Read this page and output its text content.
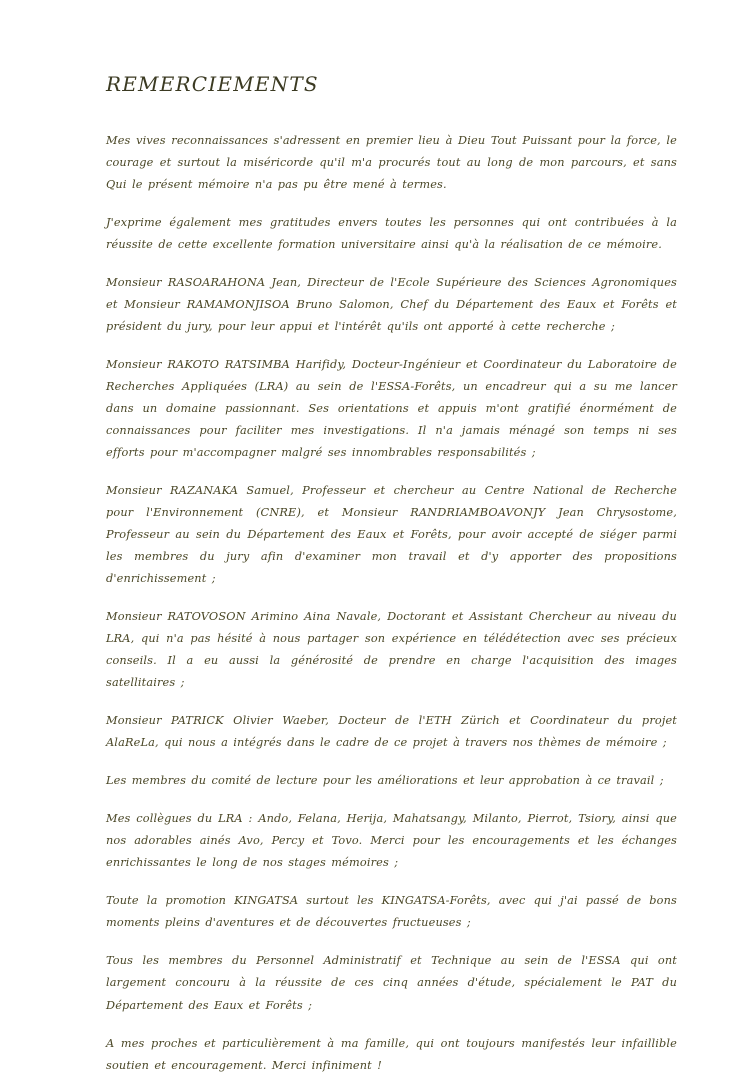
REMERCIEMENTS

Mes vives reconnaissances s'adressent en premier lieu à Dieu Tout Puissant pour la force, le courage et surtout la miséricorde qu'il m'a procurés tout au long de mon parcours, et sans Qui le présent mémoire n'a pas pu être mené à termes.

J'exprime également mes gratitudes envers toutes les personnes qui ont contribuées à la réussite de cette excellente formation universitaire ainsi qu'à la réalisation de ce mémoire.

Monsieur RASOARAHONA Jean, Directeur de l'Ecole Supérieure des Sciences Agronomiques et Monsieur RAMAMONJISOA Bruno Salomon, Chef du Département des Eaux et Forêts et président du jury, pour leur appui et l'intérêt qu'ils ont apporté à cette recherche ;

Monsieur RAKOTO RATSIMBA Harifidy, Docteur-Ingénieur et Coordinateur du Laboratoire de Recherches Appliquées (LRA) au sein de l'ESSA-Forêts, un encadreur qui a su me lancer dans un domaine passionnant. Ses orientations et appuis m'ont gratifié énormément de connaissances pour faciliter mes investigations. Il n'a jamais ménagé son temps ni ses efforts pour m'accompagner malgré ses innombrables responsabilités ;

Monsieur RAZANAKA Samuel, Professeur et chercheur au Centre National de Recherche pour l'Environnement (CNRE), et Monsieur RANDRIAMBOAVONJY Jean Chrysostome, Professeur au sein du Département des Eaux et Forêts, pour avoir accepté de siéger parmi les membres du jury afin d'examiner mon travail et d'y apporter des propositions d'enrichissement ;

Monsieur RATOVOSON Arimino Aina Navale, Doctorant et Assistant Chercheur au niveau du LRA, qui n'a pas hésité à nous partager son expérience en télédétection avec ses précieux conseils. Il a eu aussi la générosité de prendre en charge l'acquisition des images satellitaires ;

Monsieur PATRICK Olivier Waeber, Docteur de l'ETH Zürich et Coordinateur du projet AlaReLa, qui nous a intégrés dans le cadre de ce projet à travers nos thèmes de mémoire ;

Les membres du comité de lecture pour les améliorations et leur approbation à ce travail ;

Mes collègues du LRA : Ando, Felana, Herija, Mahatsangy, Milanto, Pierrot, Tsiory, ainsi que nos adorables ainés Avo, Percy et Tovo. Merci pour les encouragements et les échanges enrichissantes le long de nos stages mémoires ;

Toute la promotion KINGATSA surtout les KINGATSA-Forêts, avec qui j'ai passé de bons moments pleins d'aventures et de découvertes fructueuses ;

Tous les membres du Personnel Administratif et Technique au sein de l'ESSA qui ont largement concouru à la réussite de ces cinq années d'étude, spécialement le PAT du Département des Eaux et Forêts ;

A mes proches et particulièrement à ma famille, qui ont toujours manifestés leur infaillible soutien et encouragement. Merci infiniment !
